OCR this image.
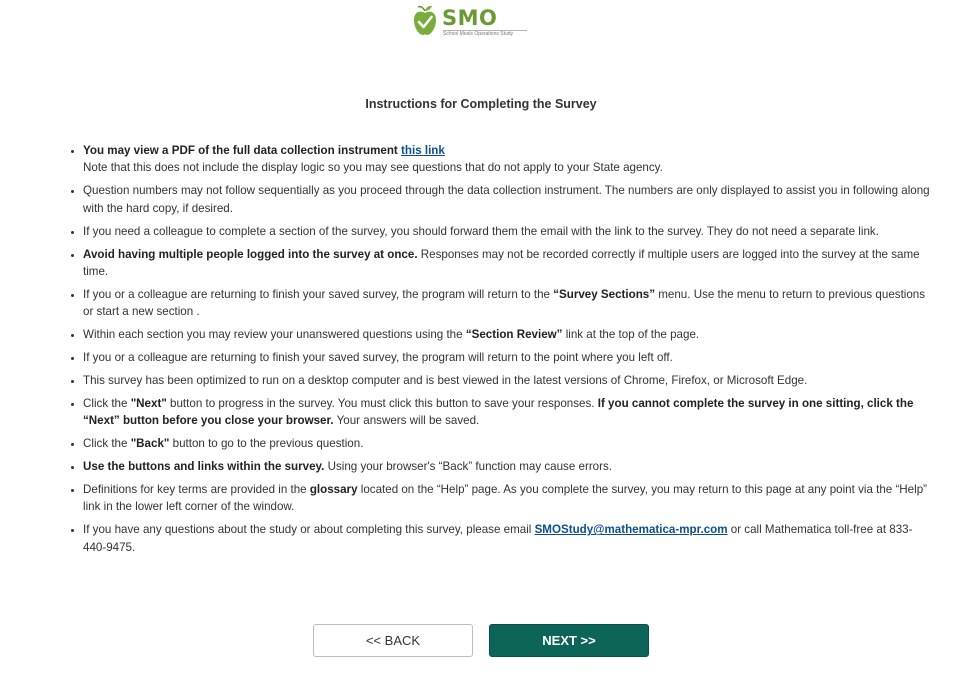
SMO
School Meals Operations Study
Instructions for Completing the Survey
• You may view a PDF of the full data collection instrument this link
Note that this does not include the display logic so you may see questions that do not apply to your State agency.
• Question numbers may not follow sequentially as you proceed through the data collection instrument. The numbers are only displayed to assist you in following along with the hard copy, if desired.
• If you need a colleague to complete a section of the survey, you should forward them the email with the link to the survey. They do not need a separate link.
• Avoid having multiple people logged into the survey at once. Responses may not be recorded correctly if multiple users are logged into the survey at the same time.
• If you or a colleague are returning to finish your saved survey, the program will return to the “Survey Sections” menu. Use the menu to return to previous questions or start a new section .
• Within each section you may review your unanswered questions using the “Section Review” link at the top of the page.
• If you or a colleague are returning to finish your saved survey, the program will return to the point where you left off.
• This survey has been optimized to run on a desktop computer and is best viewed in the latest versions of Chrome, Firefox, or Microsoft Edge.
• Click the "Next" button to progress in the survey. You must click this button to save your responses. If you cannot complete the survey in one sitting, click the “Next” button before you close your browser. Your answers will be saved.
• Click the "Back" button to go to the previous question.
• Use the buttons and links within the survey. Using your browser's “Back” function may cause errors.
• Definitions for key terms are provided in the glossary located on the “Help” page. As you complete the survey, you may return to this page at any point via the “Help” link in the lower left corner of the window.
• If you have any questions about the study or about completing this survey, please email SMOStudy@mathematica-mpr.com or call Mathematica toll-free at 833-440-9475.
<< BACK	NEXT >>
